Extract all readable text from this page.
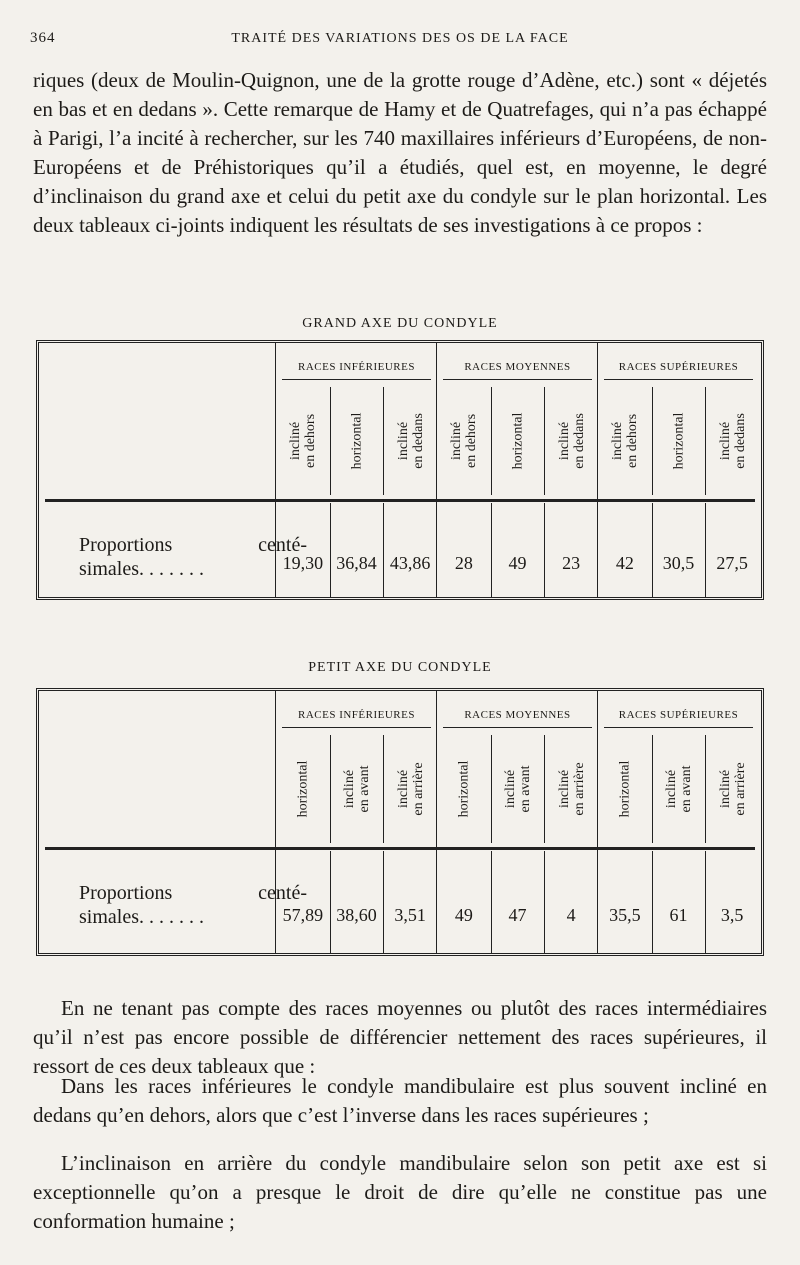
364	TRAITÉ DES VARIATIONS DES OS DE LA FACE

riques (deux de Moulin-Quignon, une de la grotte rouge d’Adène, etc.) sont « déjetés en bas et en dedans ». Cette remarque de Hamy et de Quatrefages, qui n’a pas échappé à Parigi, l’a incité à rechercher, sur les 740 maxillaires inférieurs d’Européens, de non-Européens et de Préhistoriques qu’il a étudiés, quel est, en moyenne, le degré d’inclinaison du grand axe et celui du petit axe du condyle sur le plan horizontal. Les deux tableaux ci-joints indiquent les résultats de ses investigations à ce propos :

GRAND AXE DU CONDYLE
RACES INFÉRIEURES
incliné en dehors
19,30
horizontal
36,84
incliné en dedans
43,86
RACES MOYENNES
incliné en dehors
28
horizontal
49
incliné en dedans
23
RACES SUPÉRIEURES
incliné en dehors
42
horizontal
30,5
incliné en dedans
27,5
Proportions centé-
simales. . . . . . .
PETIT AXE DU CONDYLE
RACES INFÉRIEURES
horizontal
57,89
incliné en avant
38,60
incliné en arrière
3,51
RACES MOYENNES
horizontal
49
incliné en avant
47
incliné en arrière
4
RACES SUPÉRIEURES
horizontal
35,5
incliné en avant
61
incliné en arrière
3,5
Proportions centé-
simales. . . . . . .

En ne tenant pas compte des races moyennes ou plutôt des races intermédiaires qu’il n’est pas encore possible de différencier nettement des races supérieures, il ressort de ces deux tableaux que :

Dans les races inférieures le condyle mandibulaire est plus souvent incliné en dedans qu’en dehors, alors que c’est l’inverse dans les races supérieures ;

L’inclinaison en arrière du condyle mandibulaire selon son petit axe est si exceptionnelle qu’on a presque le droit de dire qu’elle ne constitue pas une conformation humaine ;
